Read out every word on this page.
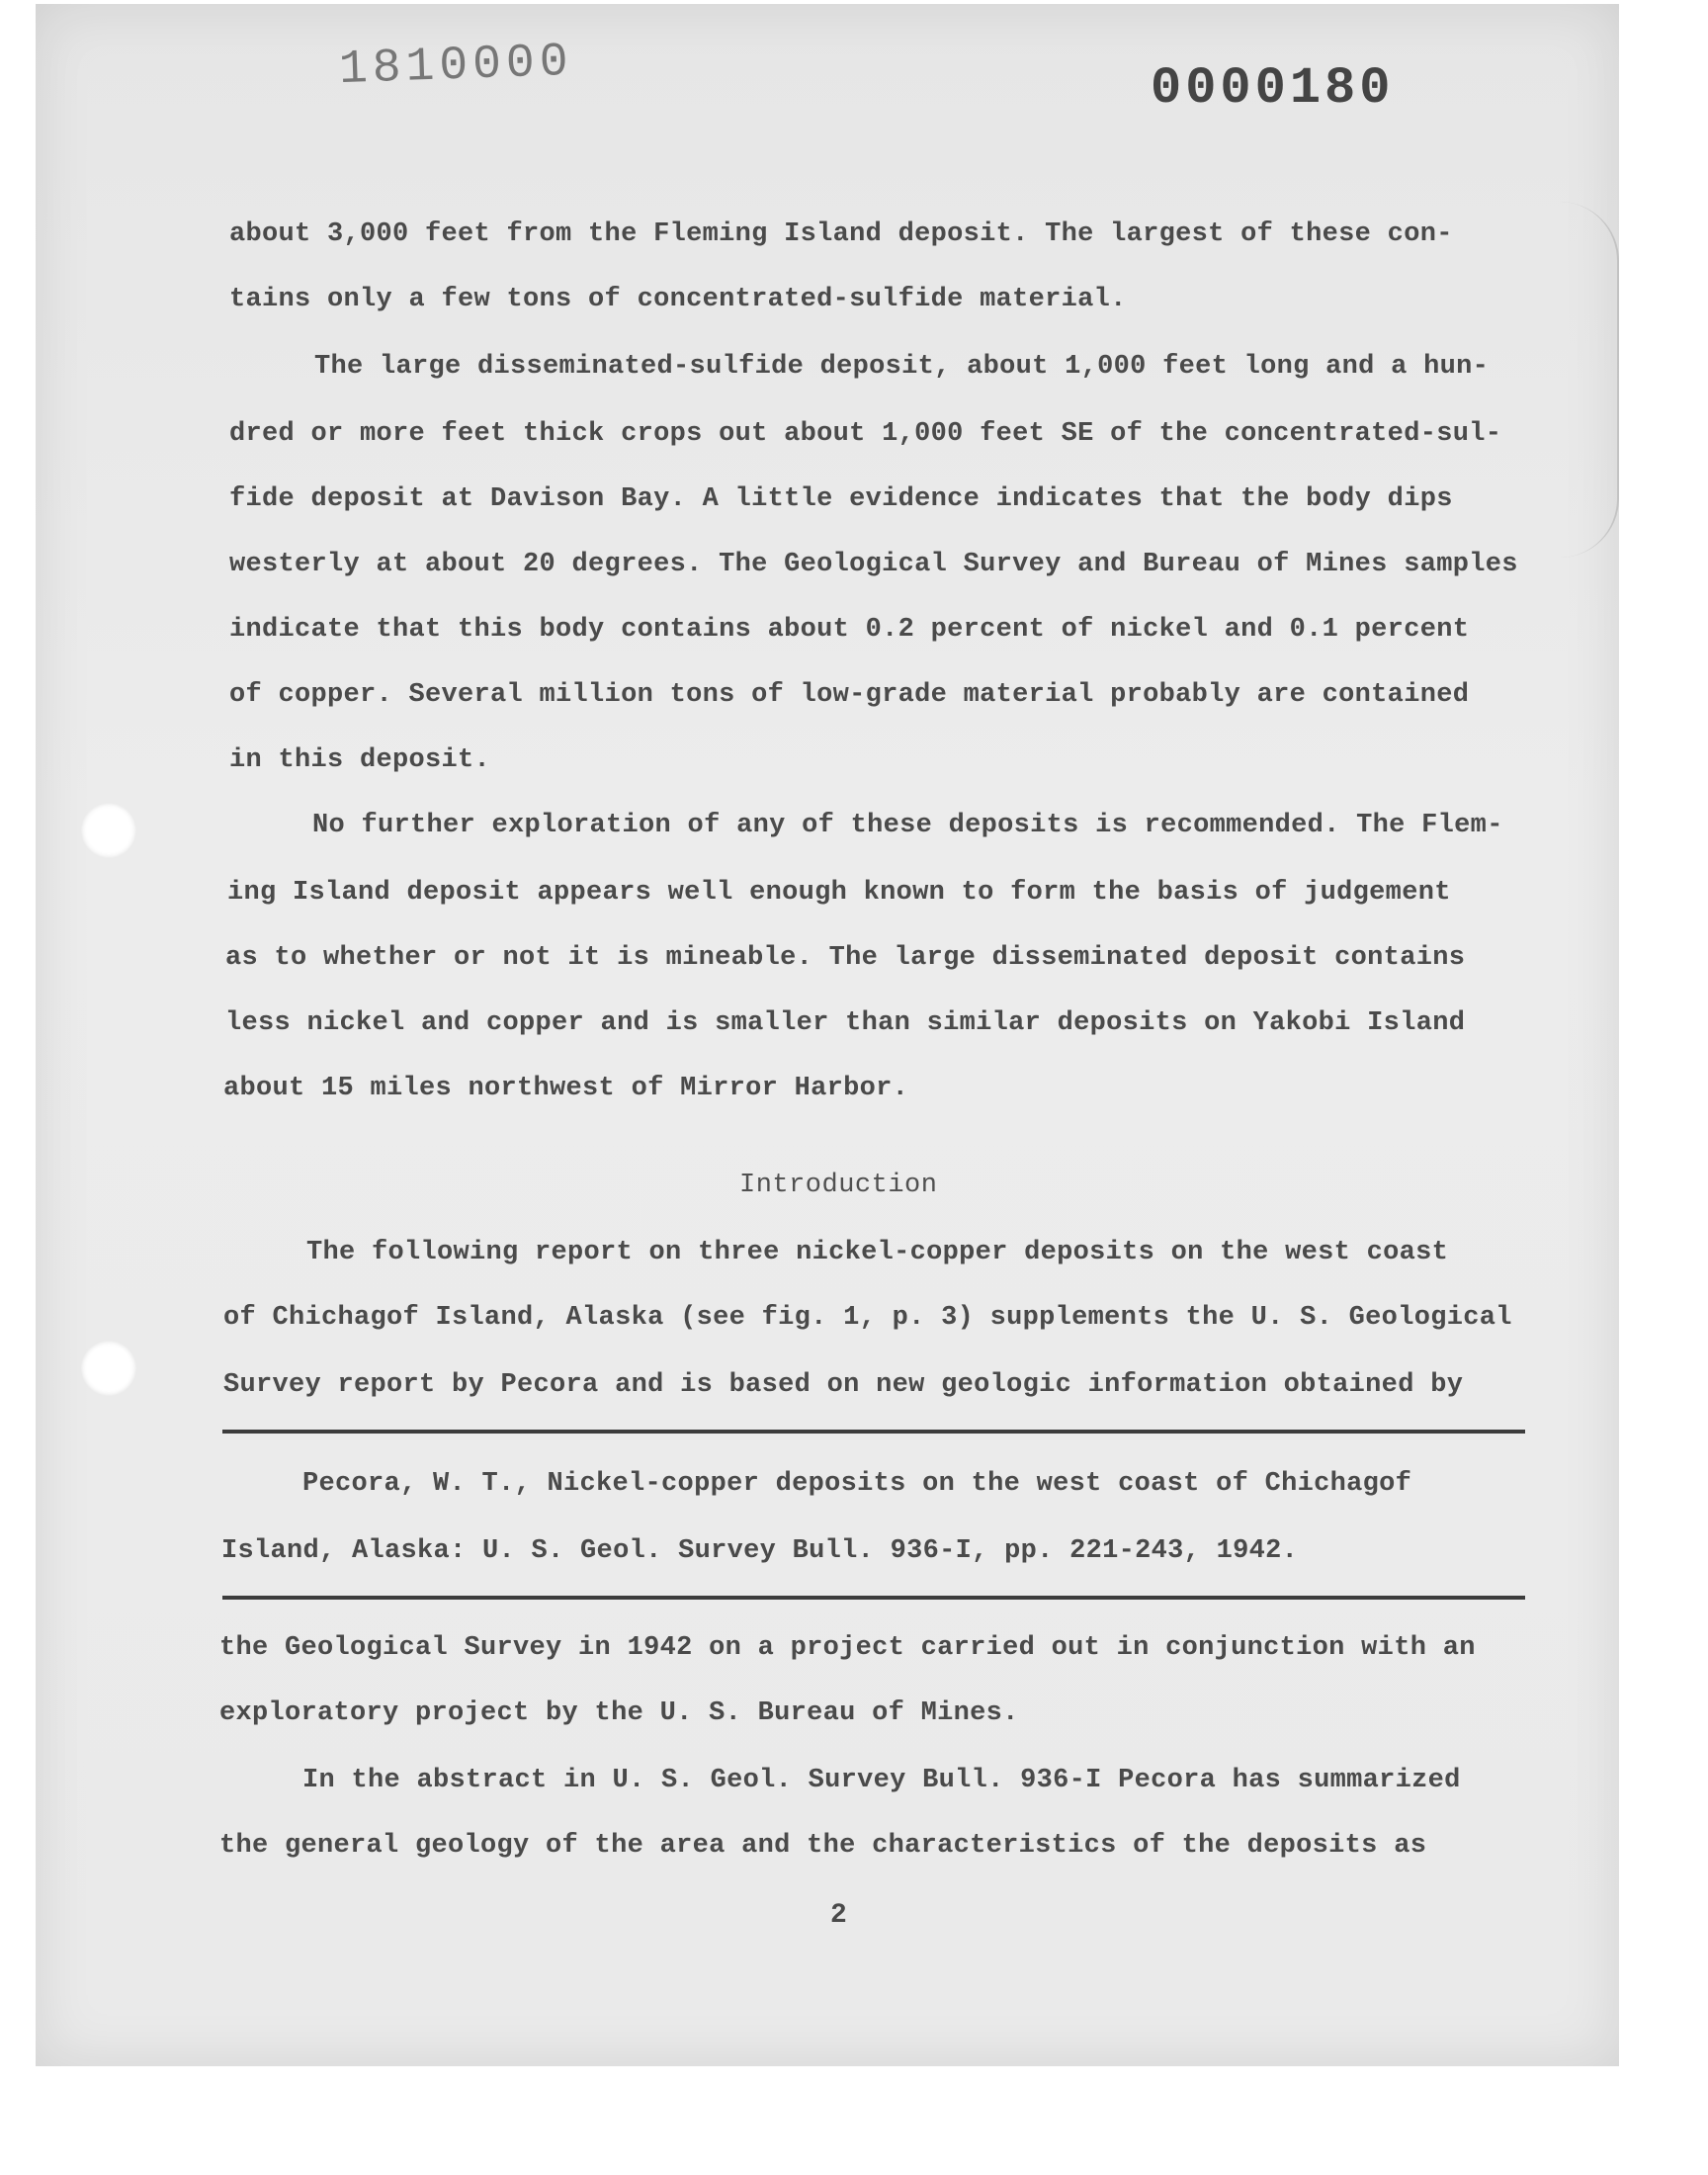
1810000	0000180
about 3,000 feet from the Fleming Island deposit. The largest of these con-
tains only a few tons of concentrated-sulfide material.
The large disseminated-sulfide deposit, about 1,000 feet long and a hun-
dred or more feet thick crops out about 1,000 feet SE of the concentrated-sul-
fide deposit at Davison Bay. A little evidence indicates that the body dips
westerly at about 20 degrees. The Geological Survey and Bureau of Mines samples
indicate that this body contains about 0.2 percent of nickel and 0.1 percent
of copper. Several million tons of low-grade material probably are contained
in this deposit.
No further exploration of any of these deposits is recommended. The Flem-
ing Island deposit appears well enough known to form the basis of judgement
as to whether or not it is mineable. The large disseminated deposit contains
less nickel and copper and is smaller than similar deposits on Yakobi Island
about 15 miles northwest of Mirror Harbor.
Introduction
The following report on three nickel-copper deposits on the west coast
of Chichagof Island, Alaska (see fig. 1, p. 3) supplements the U. S. Geological
Survey report by Pecora and is based on new geologic information obtained by
Pecora, W. T., Nickel-copper deposits on the west coast of Chichagof
Island, Alaska: U. S. Geol. Survey Bull. 936-I, pp. 221-243, 1942.
the Geological Survey in 1942 on a project carried out in conjunction with an
exploratory project by the U. S. Bureau of Mines.
In the abstract in U. S. Geol. Survey Bull. 936-I Pecora has summarized
the general geology of the area and the characteristics of the deposits as
2
